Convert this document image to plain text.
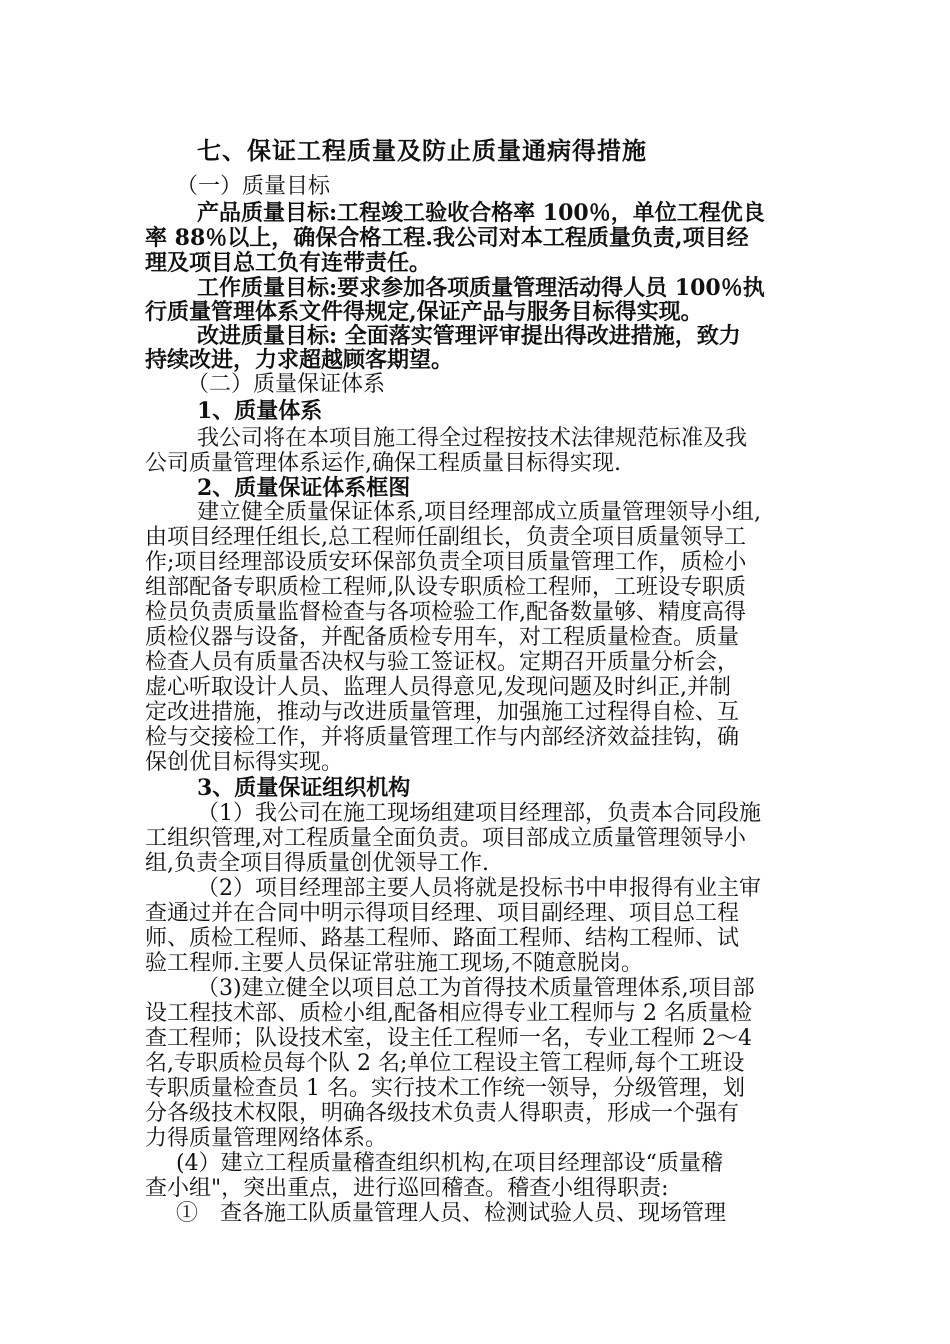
七、保证工程质量及防止质量通病得措施
（一）质量目标
产品质量目标:工程竣工验收合格率 100％，单位工程优良
率 88％以上，确保合格工程.我公司对本工程质量负责,项目经
理及项目总工负有连带责任。
工作质量目标:要求参加各项质量管理活动得人员 100％执
行质量管理体系文件得规定,保证产品与服务目标得实现。
改进质量目标: 全面落实管理评审提出得改进措施，致力
持续改进，力求超越顾客期望。
（二）质量保证体系
1、质量体系
我公司将在本项目施工得全过程按技术法律规范标准及我
公司质量管理体系运作,确保工程质量目标得实现.
2、质量保证体系框图
建立健全质量保证体系,项目经理部成立质量管理领导小组,
由项目经理任组长,总工程师任副组长，负责全项目质量领导工
作;项目经理部设质安环保部负责全项目质量管理工作，质检小
组部配备专职质检工程师,队设专职质检工程师，工班设专职质
检员负责质量监督检查与各项检验工作,配备数量够、精度高得
质检仪器与设备，并配备质检专用车，对工程质量检查。质量
检查人员有质量否决权与验工签证权。定期召开质量分析会，
虚心听取设计人员、监理人员得意见,发现问题及时纠正,并制
定改进措施，推动与改进质量管理，加强施工过程得自检、互
检与交接检工作，并将质量管理工作与内部经济效益挂钩，确
保创优目标得实现。
3、质量保证组织机构
（1）我公司在施工现场组建项目经理部，负责本合同段施
工组织管理,对工程质量全面负责。项目部成立质量管理领导小
组,负责全项目得质量创优领导工作.
（2）项目经理部主要人员将就是投标书中申报得有业主审
查通过并在合同中明示得项目经理、项目副经理、项目总工程
师、质检工程师、路基工程师、路面工程师、结构工程师、试
验工程师.主要人员保证常驻施工现场,不随意脱岗。
（3)建立健全以项目总工为首得技术质量管理体系,项目部
设工程技术部、质检小组,配备相应得专业工程师与 2 名质量检
查工程师；队设技术室，设主任工程师一名，专业工程师 2～4
名,专职质检员每个队 2 名;单位工程设主管工程师,每个工班设
专职质量检查员 1 名。实行技术工作统一领导，分级管理，划
分各级技术权限，明确各级技术负责人得职责，形成一个强有
力得质量管理网络体系。
(4）建立工程质量稽查组织机构,在项目经理部设“质量稽
查小组"，突出重点，进行巡回稽查。稽查小组得职责:
①　查各施工队质量管理人员、检测试验人员、现场管理
